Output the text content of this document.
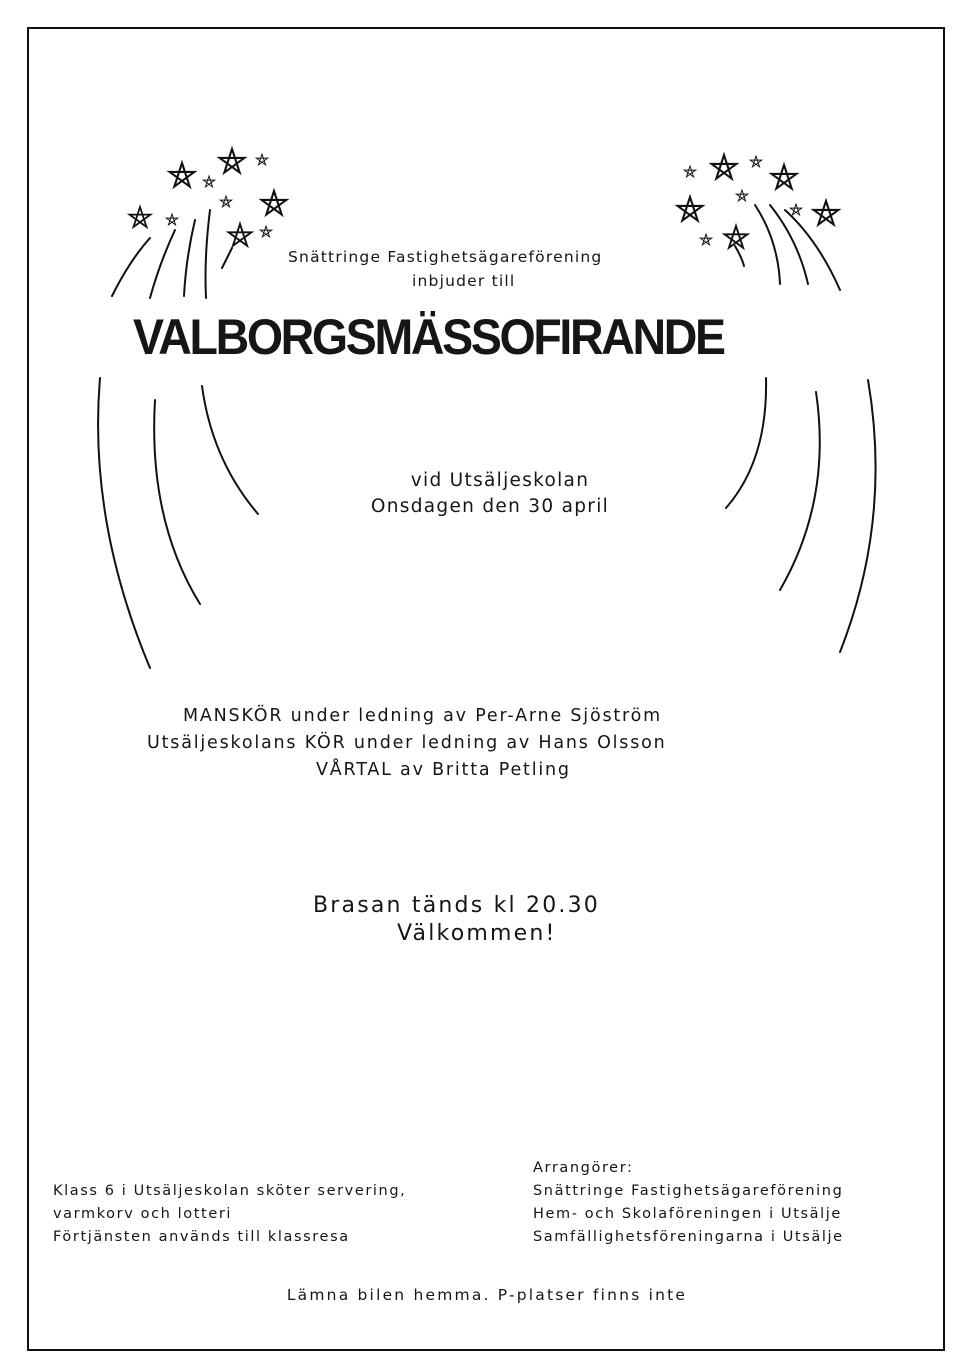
Snättringe Fastighetsägareförening
inbjuder till
VALBORGSMÄSSOFIRANDE
vid Utsäljeskolan
Onsdagen den 30 april
MANSKÖR under ledning av Per-Arne Sjöström
Utsäljeskolans KÖR under ledning av Hans Olsson
VÅRTAL av Britta Petling
Brasan tänds kl 20.30
Välkommen!
Klass 6 i Utsäljeskolan sköter servering,
varmkorv och lotteri
Förtjänsten används till klassresa
Arrangörer:
Snättringe Fastighetsägareförening
Hem- och Skolaföreningen i Utsälje
Samfällighetsföreningarna i Utsälje
Lämna bilen hemma. P-platser finns inte
